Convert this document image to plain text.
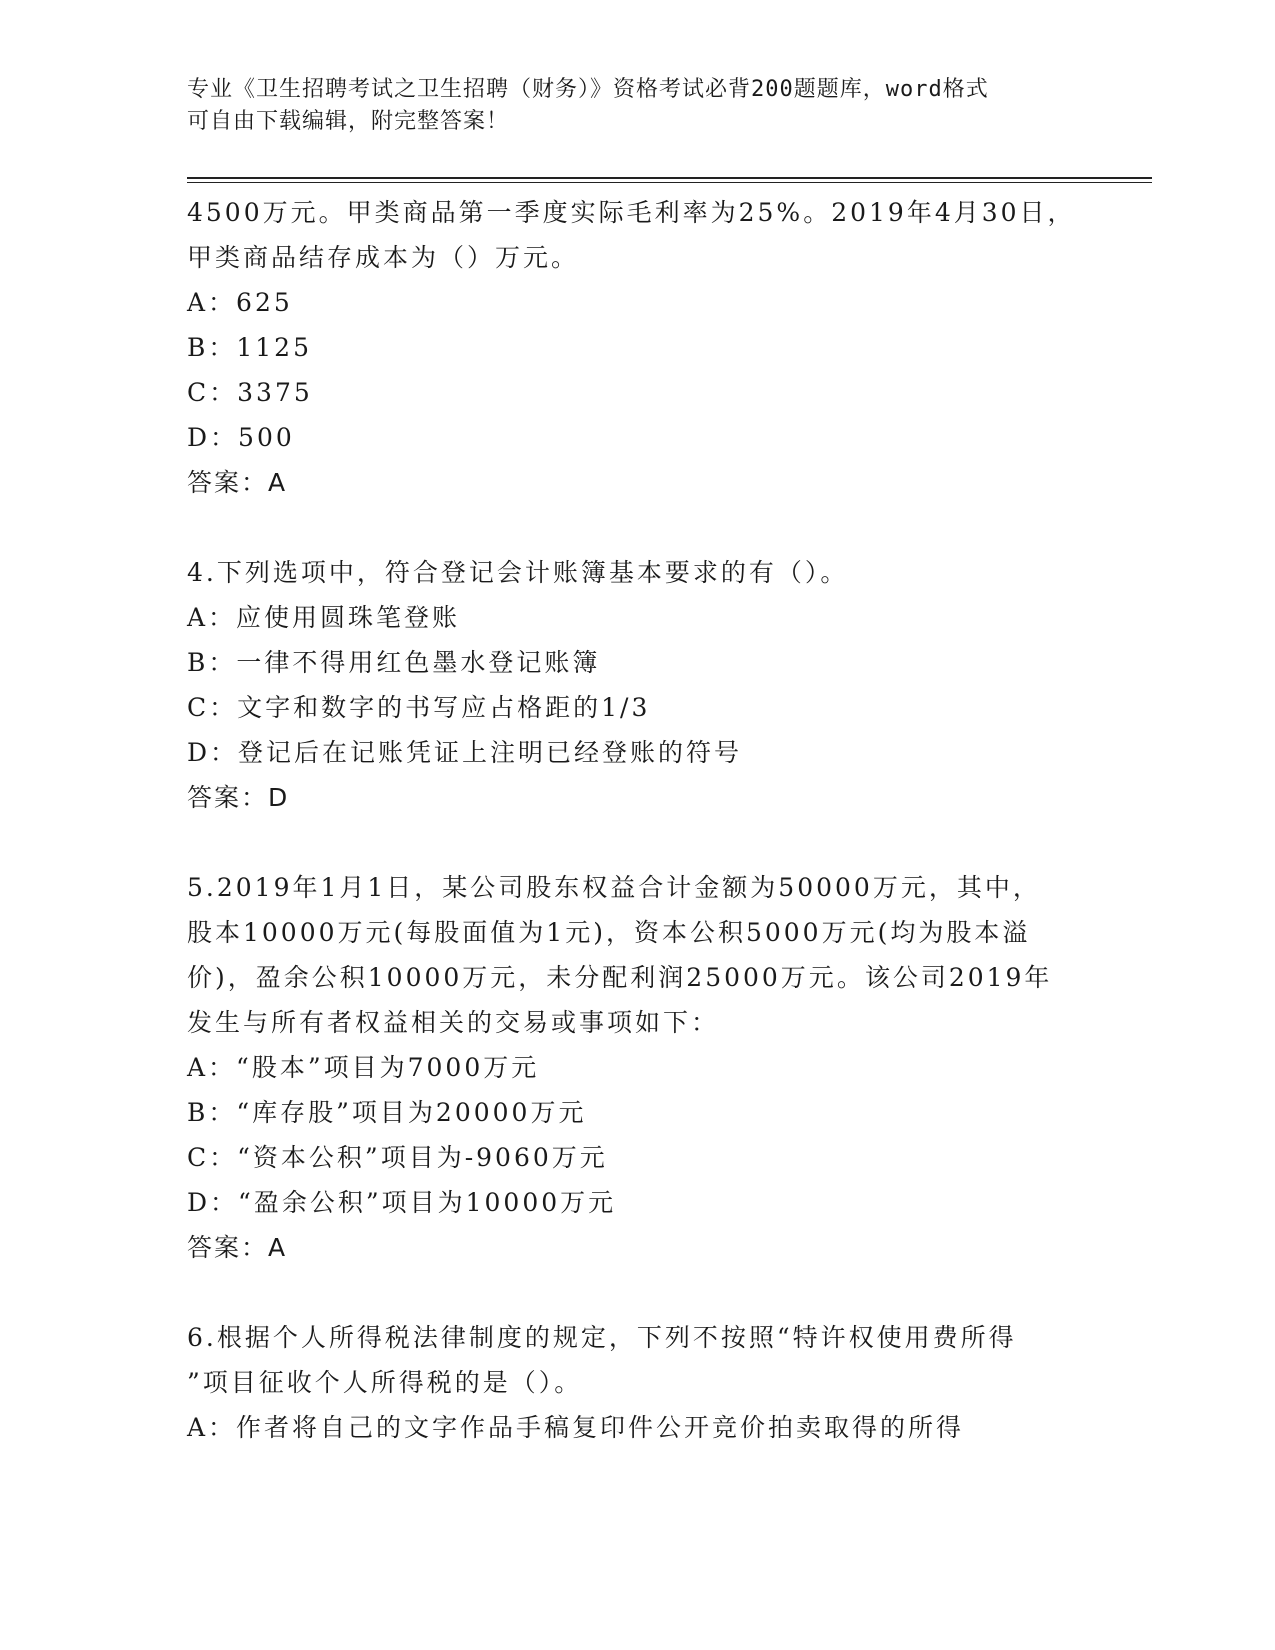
专业《卫生招聘考试之卫生招聘（财务）》资格考试必背200题题库，word格式
可自由下载编辑，附完整答案！
4500万元。甲类商品第一季度实际毛利率为25%。2019年4月30日，
甲类商品结存成本为（）万元。
A：625
B：1125
C：3375
D：500
答案：A
4.下列选项中，符合登记会计账簿基本要求的有（）。
A：应使用圆珠笔登账
B：一律不得用红色墨水登记账簿
C：文字和数字的书写应占格距的1/3
D：登记后在记账凭证上注明已经登账的符号
答案：D
5.2019年1月1日，某公司股东权益合计金额为50000万元，其中，
股本10000万元(每股面值为1元)，资本公积5000万元(均为股本溢
价)，盈余公积10000万元，未分配利润25000万元。该公司2019年
发生与所有者权益相关的交易或事项如下：
A：“股本”项目为7000万元
B：“库存股”项目为20000万元
C：“资本公积”项目为-9060万元
D：“盈余公积”项目为10000万元
答案：A
6.根据个人所得税法律制度的规定，下列不按照“特许权使用费所得
”项目征收个人所得税的是（）。
A：作者将自己的文字作品手稿复印件公开竞价拍卖取得的所得
